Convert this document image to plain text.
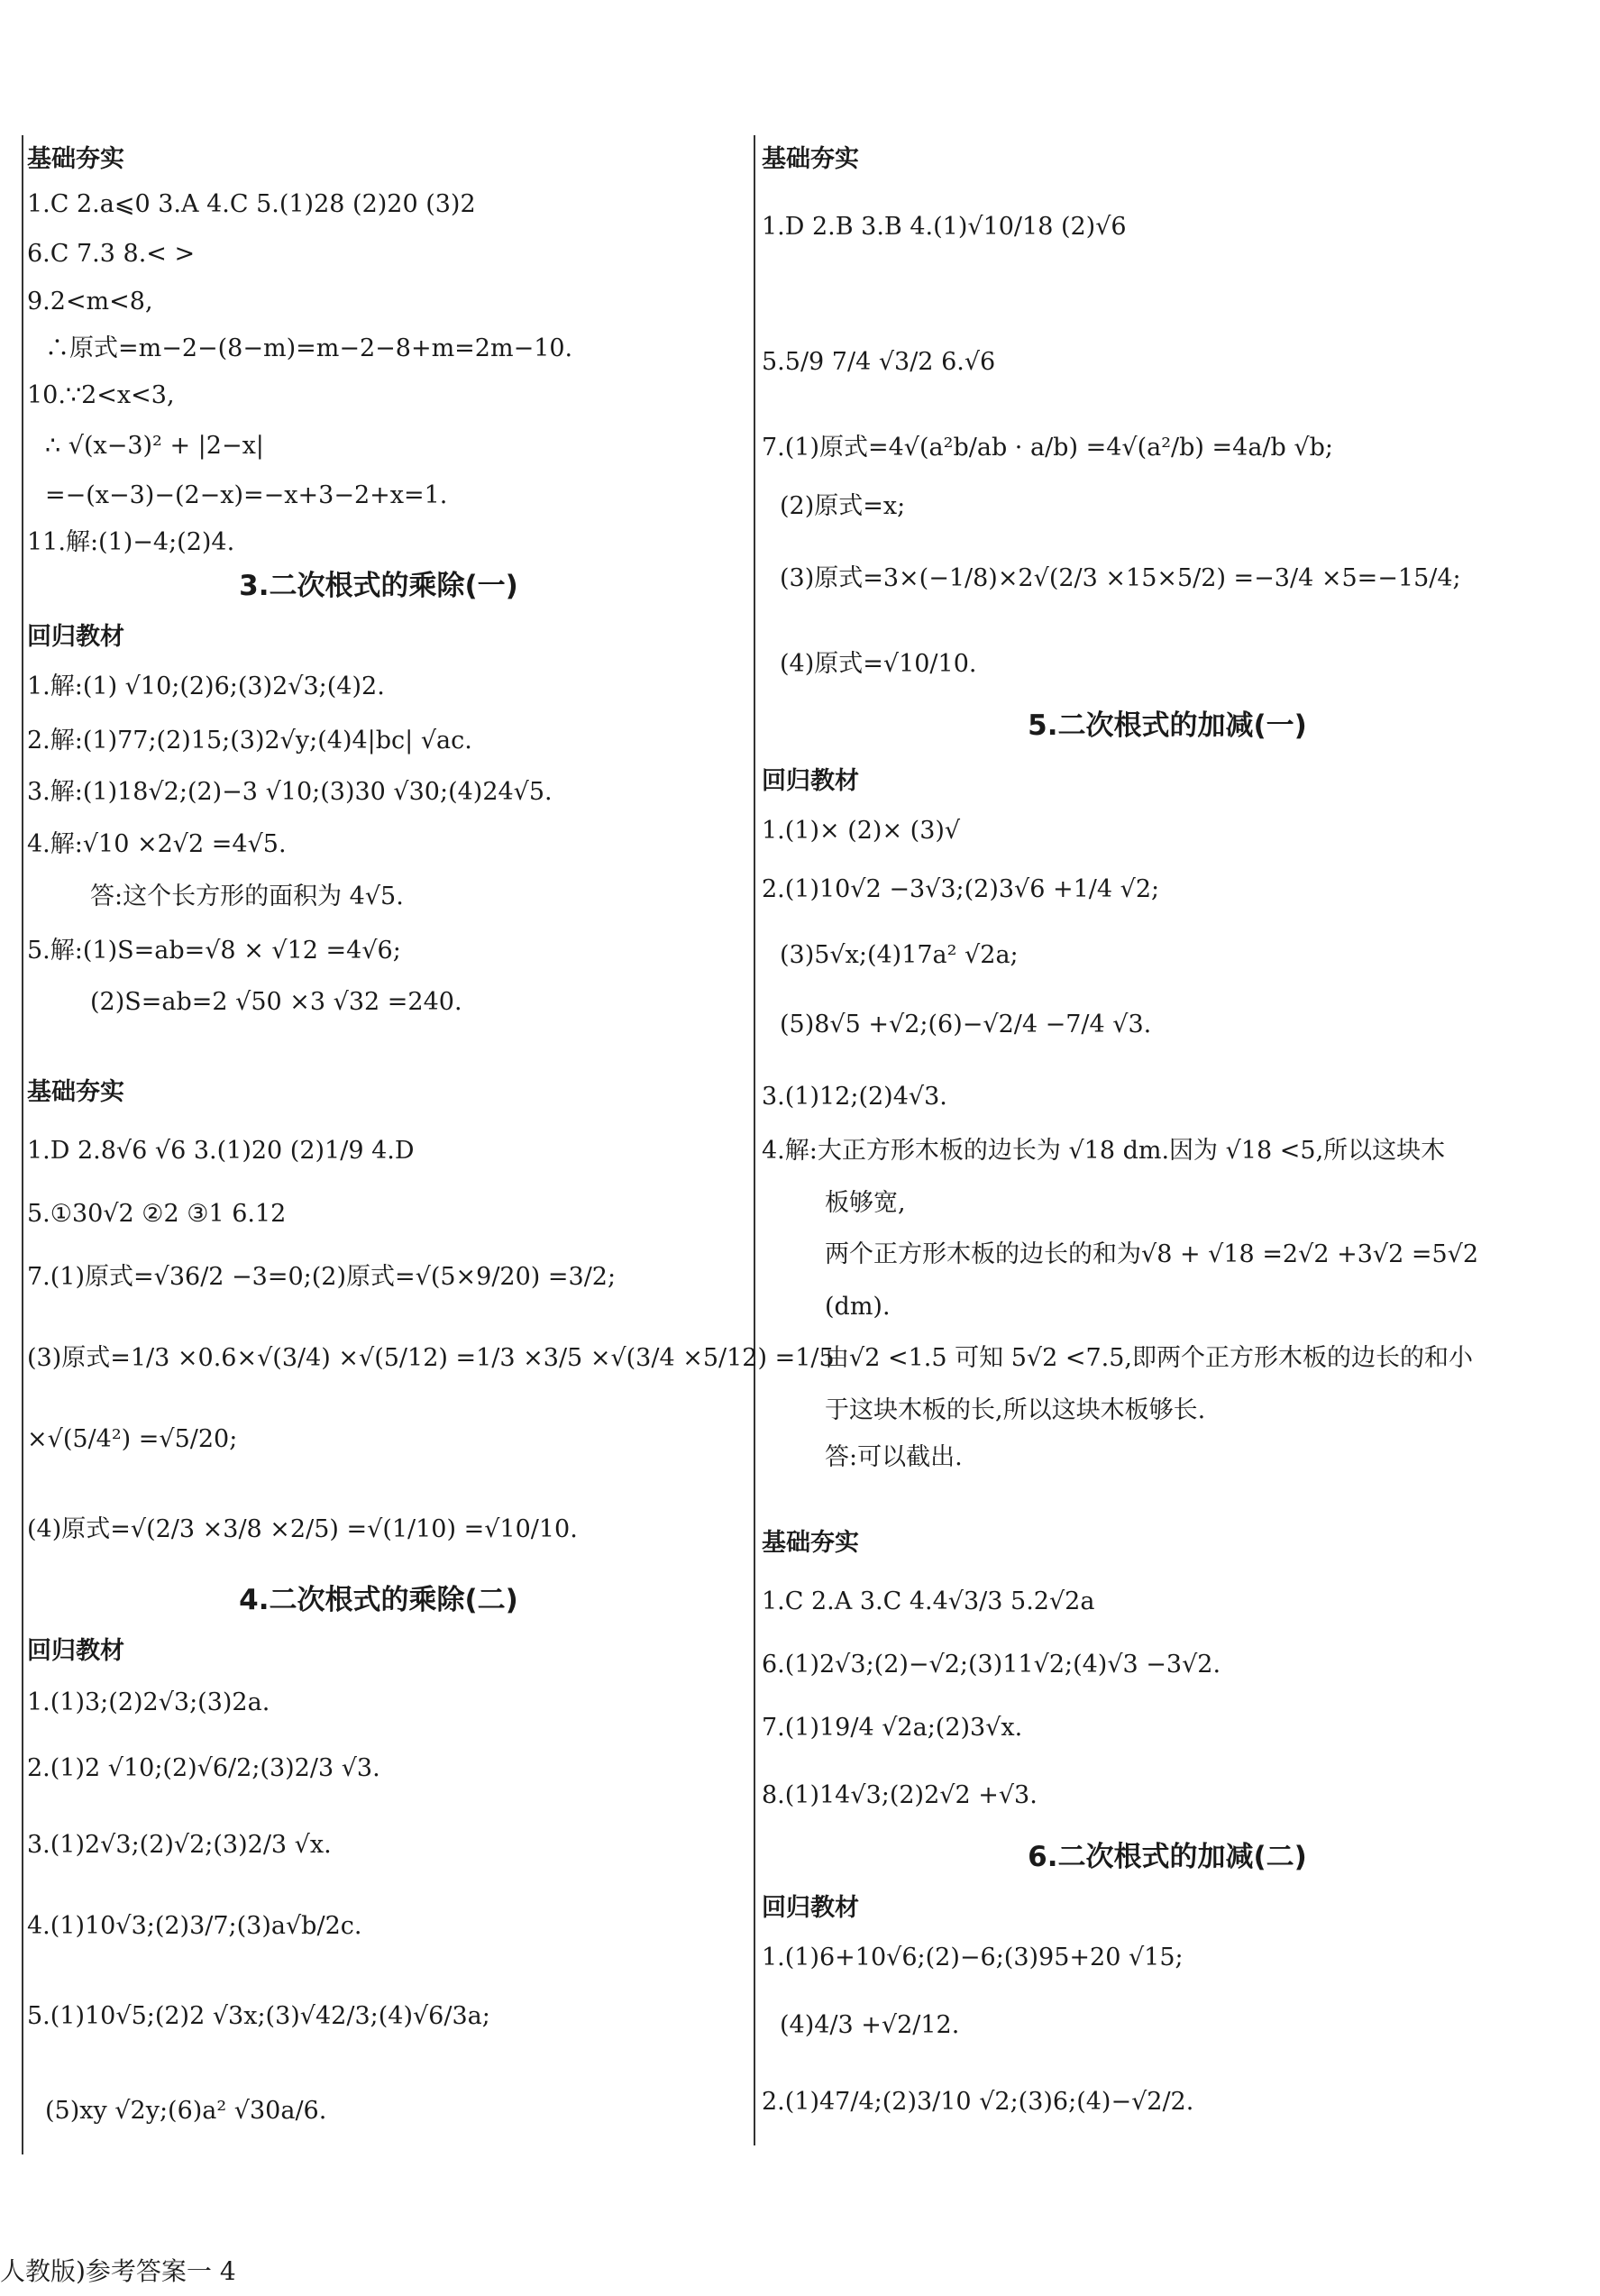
基础夯实
1.C 2.a⩽0 3.A 4.C 5.(1)28 (2)20 (3)2
6.C 7.3 8.< >
9.2<m<8,
∴原式=m−2−(8−m)=m−2−8+m=2m−10.
10.∵2<x<3,
∴ √(x−3)² + |2−x|
=−(x−3)−(2−x)=−x+3−2+x=1.
11.解:(1)−4;(2)4.
3.二次根式的乘除(一)
回归教材
1.解:(1) √10;(2)6;(3)2√3;(4)2.
2.解:(1)77;(2)15;(3)2√y;(4)4|bc| √ac.
3.解:(1)18√2;(2)−3 √10;(3)30 √30;(4)24√5.
4.解:√10 ×2√2 =4√5.
答:这个长方形的面积为 4√5.
5.解:(1)S=ab=√8 × √12 =4√6;
(2)S=ab=2 √50 ×3 √32 =240.
基础夯实
1.D 2.8√6 √6 3.(1)20 (2)1/9 4.D
5.①30√2 ②2 ③1 6.12
7.(1)原式=√36/2 −3=0;(2)原式=√(5×9/20) =3/2;
(3)原式=1/3 ×0.6×√(3/4) ×√(5/12) =1/3 ×3/5 ×√(3/4 ×5/12) =1/5
×√(5/4²) =√5/20;
(4)原式=√(2/3 ×3/8 ×2/5) =√(1/10) =√10/10.
4.二次根式的乘除(二)
回归教材
1.(1)3;(2)2√3;(3)2a.
2.(1)2 √10;(2)√6/2;(3)2/3 √3.
3.(1)2√3;(2)√2;(3)2/3 √x.
4.(1)10√3;(2)3/7;(3)a√b/2c.
5.(1)10√5;(2)2 √3x;(3)√42/3;(4)√6/3a;
(5)xy √2y;(6)a² √30a/6.
基础夯实
1.D 2.B 3.B 4.(1)√10/18 (2)√6
5.5/9 7/4 √3/2 6.√6
7.(1)原式=4√(a²b/ab · a/b) =4√(a²/b) =4a/b √b;
(2)原式=x;
(3)原式=3×(−1/8)×2√(2/3 ×15×5/2) =−3/4 ×5=−15/4;
(4)原式=√10/10.
5.二次根式的加减(一)
回归教材
1.(1)× (2)× (3)√
2.(1)10√2 −3√3;(2)3√6 +1/4 √2;
(3)5√x;(4)17a² √2a;
(5)8√5 +√2;(6)−√2/4 −7/4 √3.
3.(1)12;(2)4√3.
4.解:大正方形木板的边长为 √18 dm.因为 √18 <5,所以这块木
板够宽,
两个正方形木板的边长的和为√8 + √18 =2√2 +3√2 =5√2
(dm).
由√2 <1.5 可知 5√2 <7.5,即两个正方形木板的边长的和小
于这块木板的长,所以这块木板够长.
答:可以截出.
基础夯实
1.C 2.A 3.C 4.4√3/3 5.2√2a
6.(1)2√3;(2)−√2;(3)11√2;(4)√3 −3√2.
7.(1)19/4 √2a;(2)3√x.
8.(1)14√3;(2)2√2 +√3.
6.二次根式的加减(二)
回归教材
1.(1)6+10√6;(2)−6;(3)95+20 √15;
(4)4/3 +√2/12.
2.(1)47/4;(2)3/10 √2;(3)6;(4)−√2/2.
人教版)参考答案一 4
